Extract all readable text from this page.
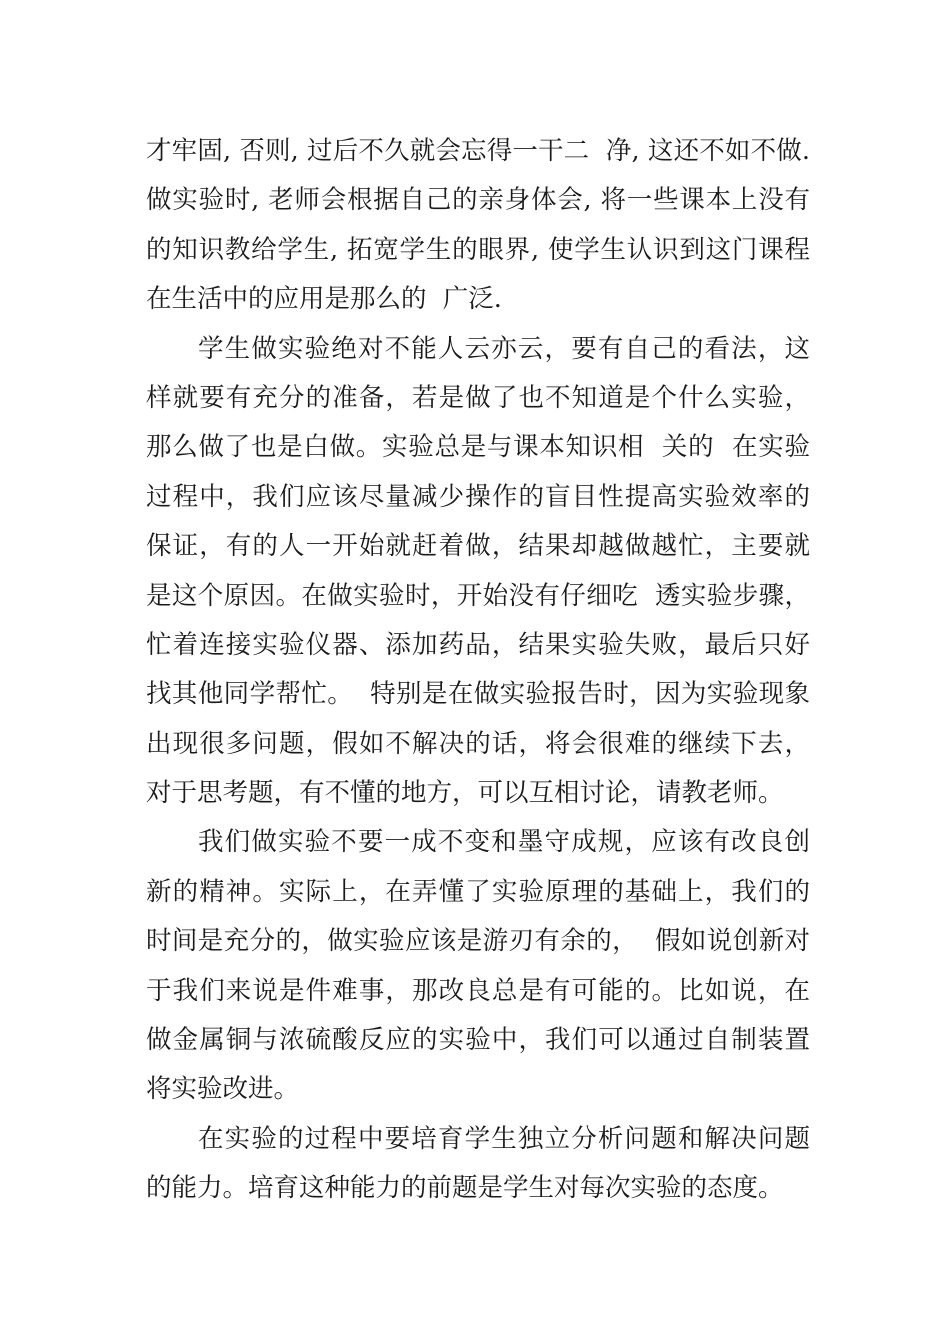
才牢固, 否则, 过后不久就会忘得一干二  净, 这还不如不做.
做实验时, 老师会根据自己的亲身体会, 将一些课本上没有
的知识教给学生, 拓宽学生的眼界, 使学生认识到这门课程
在生活中的应用是那么的  广泛.
学生做实验绝对不能人云亦云，要有自己的看法，这
样就要有充分的准备，若是做了也不知道是个什么实验，
那么做了也是白做。实验总是与课本知识相  关的  在实验
过程中，我们应该尽量减少操作的盲目性提高实验效率的
保证，有的人一开始就赶着做，结果却越做越忙，主要就
是这个原因。在做实验时，开始没有仔细吃  透实验步骤，
忙着连接实验仪器、添加药品，结果实验失败，最后只好
找其他同学帮忙。  特别是在做实验报告时，因为实验现象
出现很多问题，假如不解决的话，将会很难的继续下去，
对于思考题，有不懂的地方，可以互相讨论，请教老师。
我们做实验不要一成不变和墨守成规，应该有改良创
新的精神。实际上，在弄懂了实验原理的基础上，我们的
时间是充分的，做实验应该是游刃有余的，  假如说创新对
于我们来说是件难事，那改良总是有可能的。比如说，在
做金属铜与浓硫酸反应的实验中，我们可以通过自制装置
将实验改进。
在实验的过程中要培育学生独立分析问题和解决问题
的能力。培育这种能力的前题是学生对每次实验的态度。
